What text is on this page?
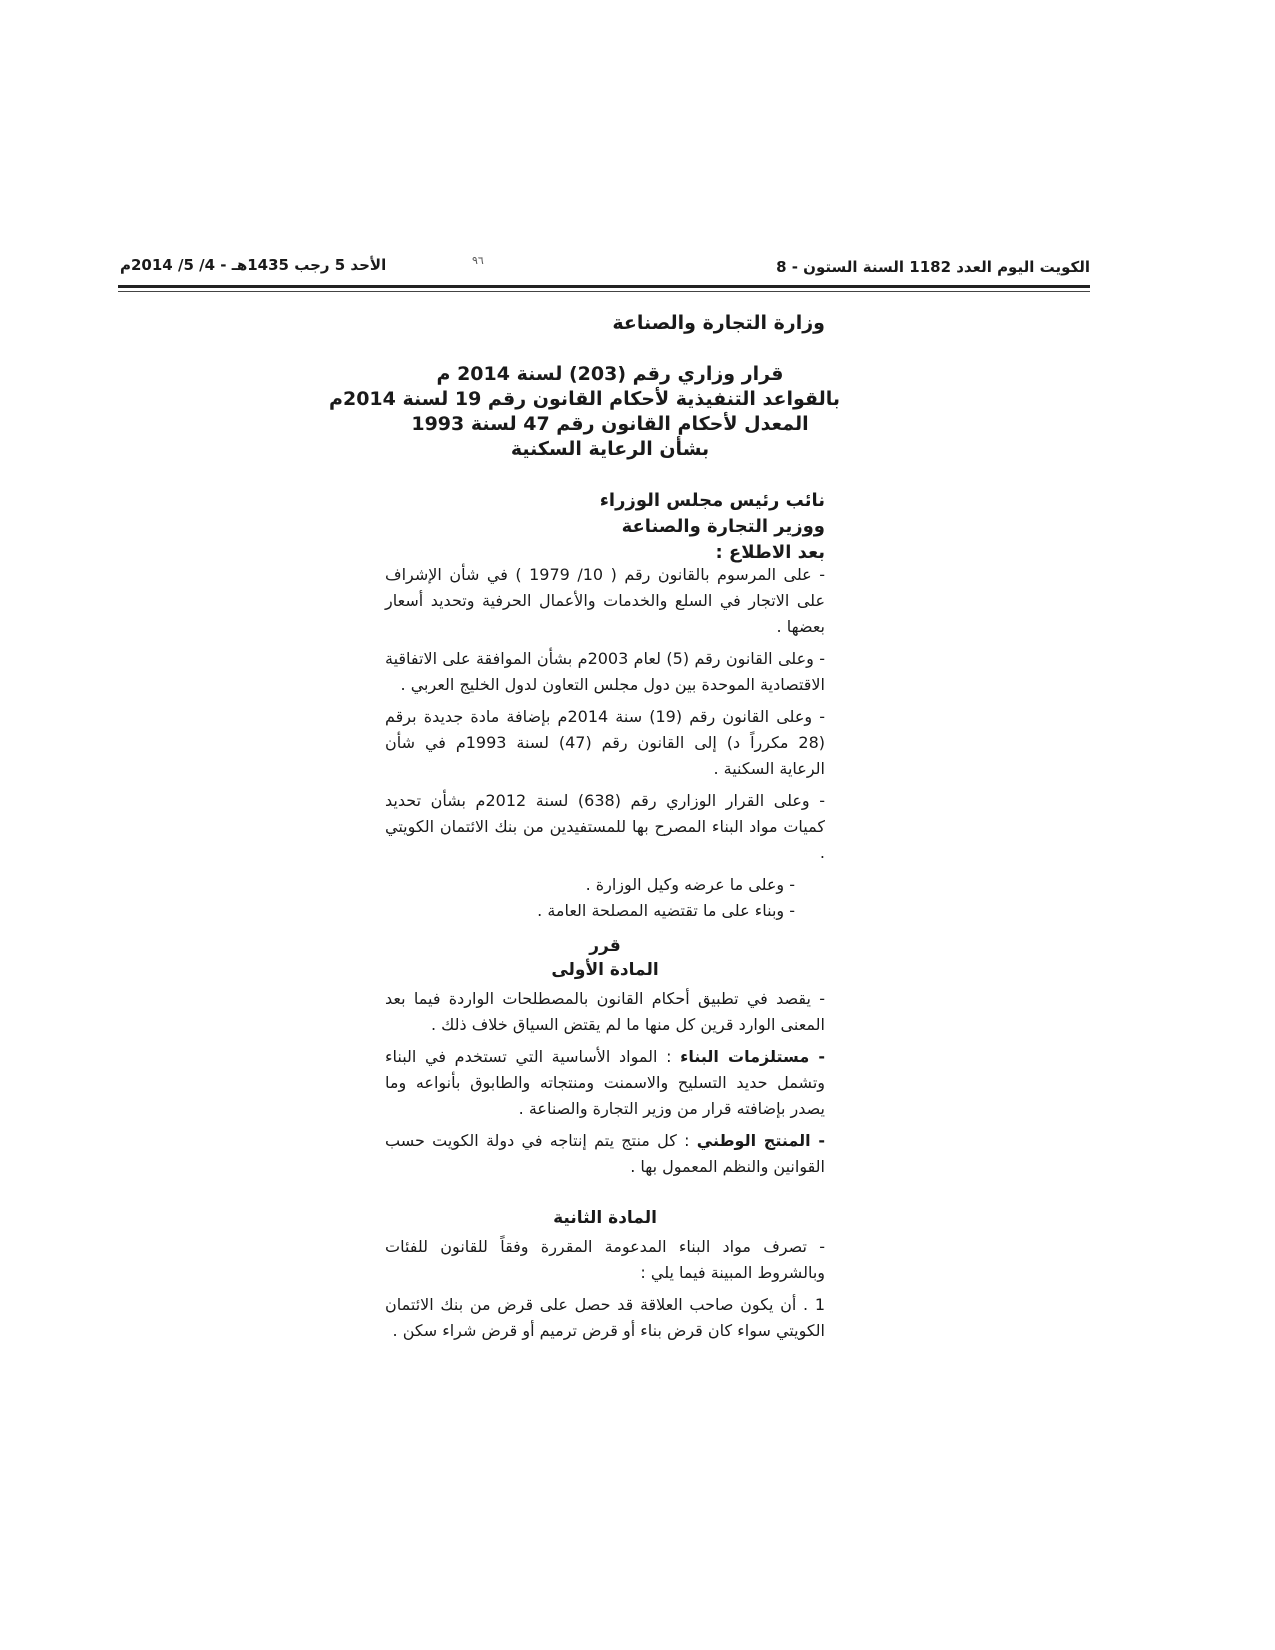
الكويت اليوم العدد 1182 السنة الستون - 8
٩٦
الأحد 5 رجب 1435هـ - 4/ 5/ 2014م
وزارة التجارة والصناعة
قرار وزاري رقم (203) لسنة 2014 م
بالقواعد التنفيذية لأحكام القانون رقم 19 لسنة 2014م
المعدل لأحكام القانون رقم 47 لسنة 1993
بشأن الرعاية السكنية
نائب رئيس مجلس الوزراء
ووزير التجارة والصناعة
بعد الاطلاع :

- على المرسوم بالقانون رقم ( 10/ 1979 ) في شأن الإشراف على الاتجار في السلع والخدمات والأعمال الحرفية وتحديد أسعار بعضها .

- وعلى القانون رقم (5) لعام 2003م بشأن الموافقة على الاتفاقية الاقتصادية الموحدة بين دول مجلس التعاون لدول الخليج العربي .

- وعلى القانون رقم (19) سنة 2014م بإضافة مادة جديدة برقم (28 مكرراً د) إلى القانون رقم (47) لسنة 1993م في شأن الرعاية السكنية .

- وعلى القرار الوزاري رقم (638) لسنة 2012م بشأن تحديد كميات مواد البناء المصرح بها للمستفيدين من بنك الائتمان الكويتي .

- وعلى ما عرضه وكيل الوزارة .

- وبناء على ما تقتضيه المصلحة العامة .

قرر
المادة الأولى

- يقصد في تطبيق أحكام القانون بالمصطلحات الواردة فيما بعد المعنى الوارد قرين كل منها ما لم يقتض السياق خلاف ذلك .

- مستلزمات البناء : المواد الأساسية التي تستخدم في البناء وتشمل حديد التسليح والاسمنت ومنتجاته والطابوق بأنواعه وما يصدر بإضافته قرار من وزير التجارة والصناعة .

- المنتج الوطني : كل منتج يتم إنتاجه في دولة الكويت حسب القوانين والنظم المعمول بها .

المادة الثانية

- تصرف مواد البناء المدعومة المقررة وفقاً للقانون للفئات وبالشروط المبينة فيما يلي :

1 . أن يكون صاحب العلاقة قد حصل على قرض من بنك الائتمان الكويتي سواء كان قرض بناء أو قرض ترميم أو قرض شراء سكن .
